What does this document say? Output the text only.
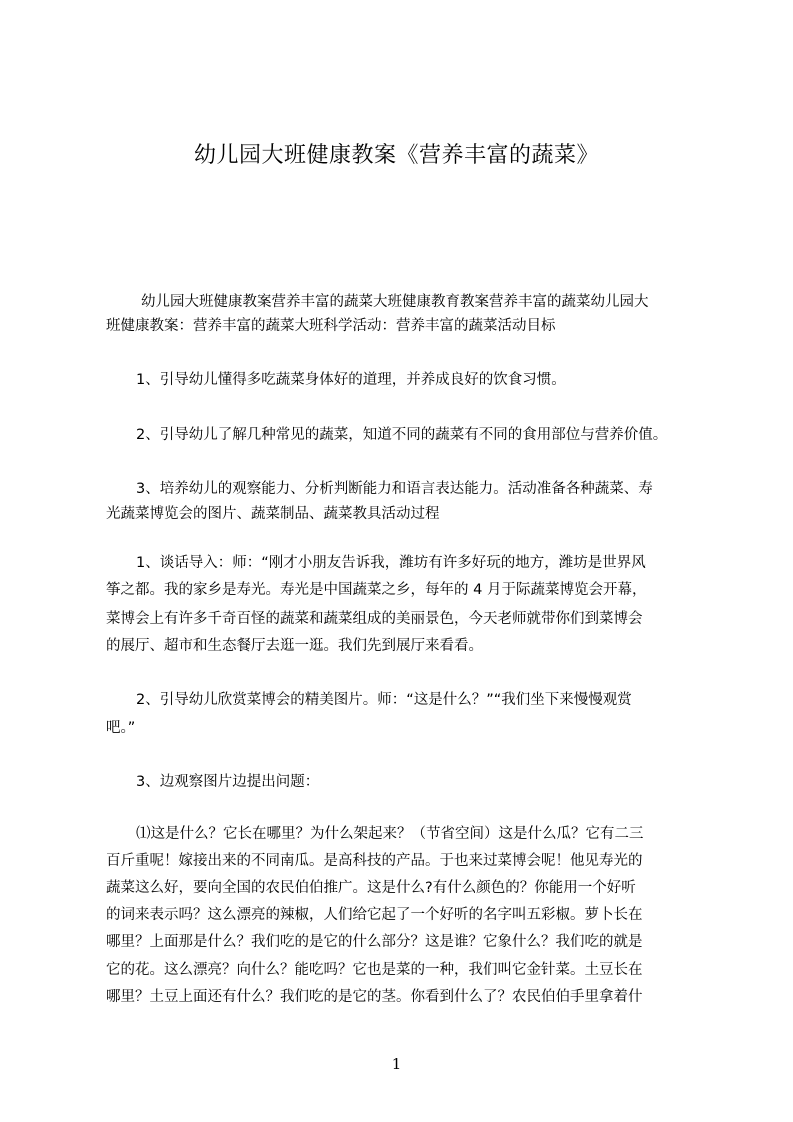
幼儿园大班健康教案《营养丰富的蔬菜》
幼儿园大班健康教案营养丰富的蔬菜大班健康教育教案营养丰富的蔬菜幼儿园大
班健康教案：营养丰富的蔬菜大班科学活动：营养丰富的蔬菜活动目标
1、引导幼儿懂得多吃蔬菜身体好的道理，并养成良好的饮食习惯。
2、引导幼儿了解几种常见的蔬菜，知道不同的蔬菜有不同的食用部位与营养价值。
3、培养幼儿的观察能力、分析判断能力和语言表达能力。活动准备各种蔬菜、寿
光蔬菜博览会的图片、蔬菜制品、蔬菜教具活动过程
1、谈话导入：师：“刚才小朋友告诉我，潍坊有许多好玩的地方，潍坊是世界风
筝之都。我的家乡是寿光。寿光是中国蔬菜之乡，每年的 4 月于际蔬菜博览会开幕，
菜博会上有许多千奇百怪的蔬菜和蔬菜组成的美丽景色，今天老师就带你们到菜博会
的展厅、超市和生态餐厅去逛一逛。我们先到展厅来看看。
2、引导幼儿欣赏菜博会的精美图片。师：“这是什么？”“我们坐下来慢慢观赏
吧。”
3、边观察图片边提出问题：
⑴这是什么？它长在哪里？为什么架起来？（节省空间）这是什么瓜？它有二三
百斤重呢！嫁接出来的不同南瓜。是高科技的产品。于也来过菜博会呢！他见寿光的
蔬菜这么好，要向全国的农民伯伯推广。这是什么?有什么颜色的？你能用一个好听
的词来表示吗？这么漂亮的辣椒，人们给它起了一个好听的名字叫五彩椒。萝卜长在
哪里？上面那是什么？我们吃的是它的什么部分？这是谁？它象什么？我们吃的就是
它的花。这么漂亮？向什么？能吃吗？它也是菜的一种，我们叫它金针菜。土豆长在
哪里？土豆上面还有什么？我们吃的是它的茎。你看到什么了？农民伯伯手里拿着什
1
